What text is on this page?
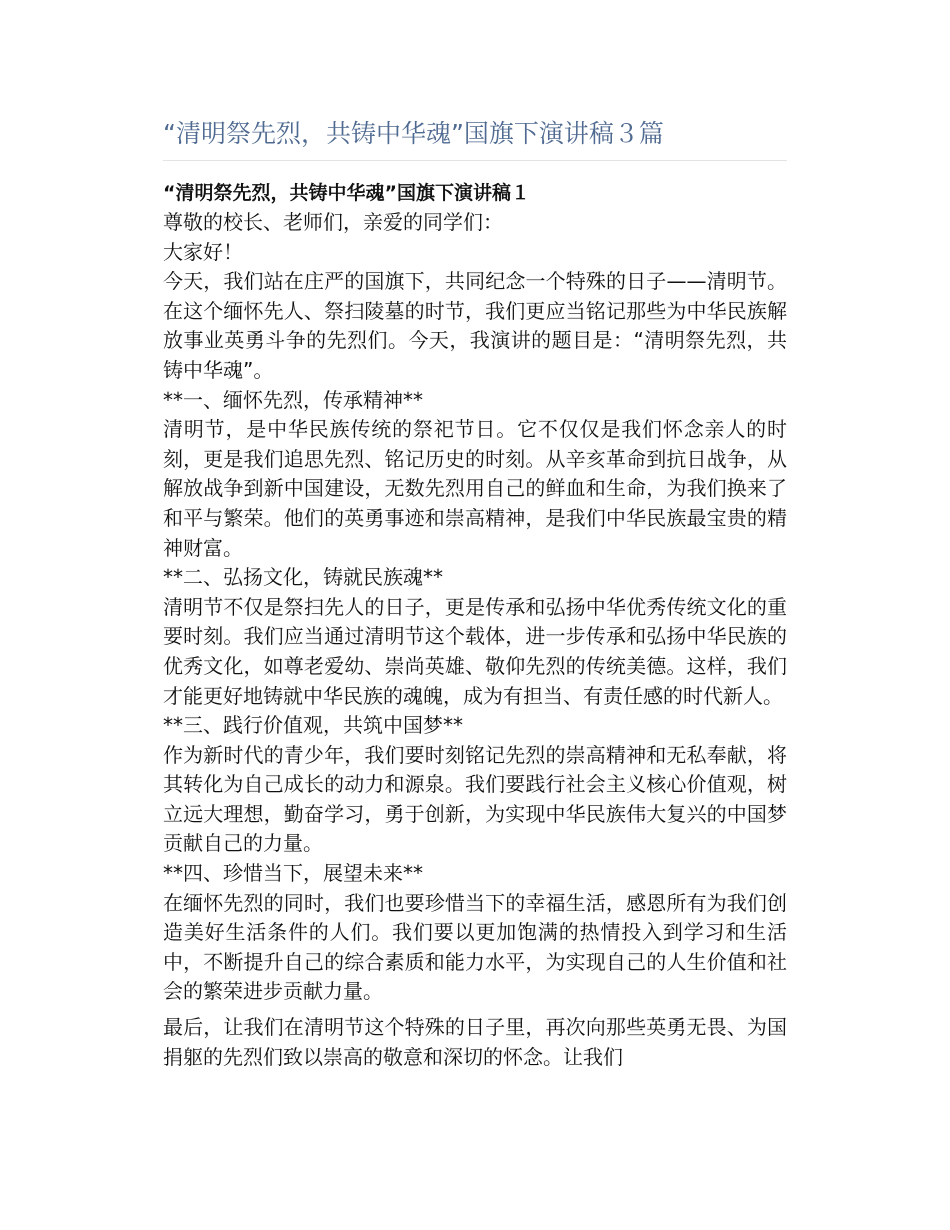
“清明祭先烈，共铸中华魂”国旗下演讲稿３篇

“清明祭先烈，共铸中华魂”国旗下演讲稿１

尊敬的校长、老师们，亲爱的同学们：

大家好！

今天，我们站在庄严的国旗下，共同纪念一个特殊的日子——清明节。在这个缅怀先人、祭扫陵墓的时节，我们更应当铭记那些为中华民族解放事业英勇斗争的先烈们。今天，我演讲的题目是：“清明祭先烈，共铸中华魂”。

**一、缅怀先烈，传承精神**

清明节，是中华民族传统的祭祀节日。它不仅仅是我们怀念亲人的时刻，更是我们追思先烈、铭记历史的时刻。从辛亥革命到抗日战争，从解放战争到新中国建设，无数先烈用自己的鲜血和生命，为我们换来了和平与繁荣。他们的英勇事迹和崇高精神，是我们中华民族最宝贵的精神财富。

**二、弘扬文化，铸就民族魂**

清明节不仅是祭扫先人的日子，更是传承和弘扬中华优秀传统文化的重要时刻。我们应当通过清明节这个载体，进一步传承和弘扬中华民族的优秀文化，如尊老爱幼、崇尚英雄、敬仰先烈的传统美德。这样，我们才能更好地铸就中华民族的魂魄，成为有担当、有责任感的时代新人。

**三、践行价值观，共筑中国梦**

作为新时代的青少年，我们要时刻铭记先烈的崇高精神和无私奉献，将其转化为自己成长的动力和源泉。我们要践行社会主义核心价值观，树立远大理想，勤奋学习，勇于创新，为实现中华民族伟大复兴的中国梦贡献自己的力量。

**四、珍惜当下，展望未来**

在缅怀先烈的同时，我们也要珍惜当下的幸福生活，感恩所有为我们创造美好生活条件的人们。我们要以更加饱满的热情投入到学习和生活中，不断提升自己的综合素质和能力水平，为实现自己的人生价值和社会的繁荣进步贡献力量。

最后，让我们在清明节这个特殊的日子里，再次向那些英勇无畏、为国捐躯的先烈们致以崇高的敬意和深切的怀念。让我们
